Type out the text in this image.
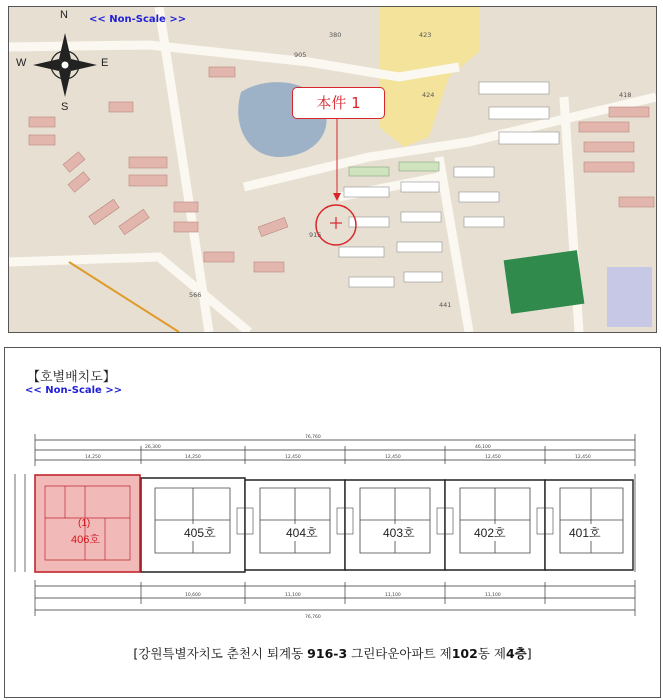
905
380	423
424
915
418
566
441
<< Non-Scale >>
N
S
E
W
本件 1
【호별배치도】
<< Non-Scale >>
76,760
26,300	46,100
14,250	14,250	12,450	12,450	12,450	12,450
76,760
10,600	11,100	11,100	11,100
(1)
406호	405호	404호	403호	402호	401호
[강원특별자치도 춘천시 퇴계동 916-3 그린타운아파트 제102동 제4층]
